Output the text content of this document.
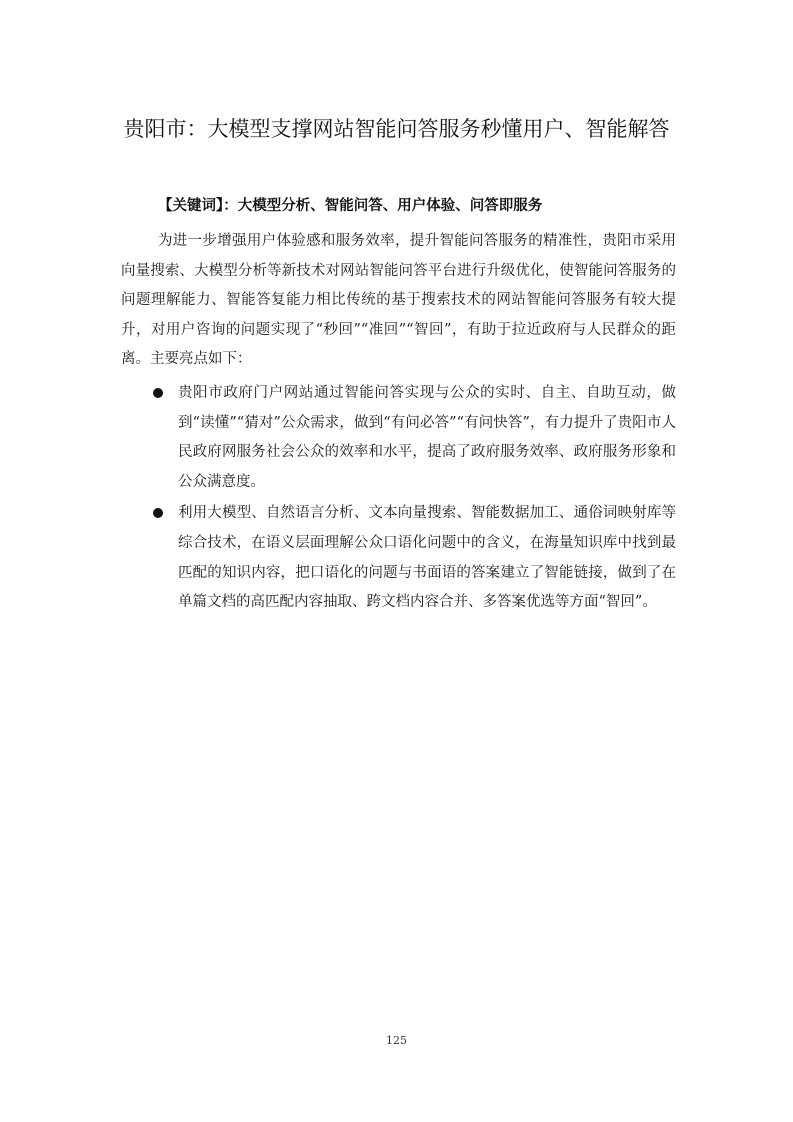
贵阳市：大模型支撑网站智能问答服务秒懂用户、智能解答
【关键词】：大模型分析、智能问答、用户体验、问答即服务

为进一步增强用户体验感和服务效率，提升智能问答服务的精准性，贵阳市采用向量搜索、大模型分析等新技术对网站智能问答平台进行升级优化，使智能问答服务的问题理解能力、智能答复能力相比传统的基于搜索技术的网站智能问答服务有较大提升，对用户咨询的问题实现了“秒回”“准回”“智回”，有助于拉近政府与人民群众的距离。主要亮点如下：

贵阳市政府门户网站通过智能问答实现与公众的实时、自主、自助互动，做到“读懂”“猜对”公众需求，做到“有问必答”“有问快答”，有力提升了贵阳市人民政府网服务社会公众的效率和水平，提高了政府服务效率、政府服务形象和公众满意度。
利用大模型、自然语言分析、文本向量搜索、智能数据加工、通俗词映射库等综合技术，在语义层面理解公众口语化问题中的含义，在海量知识库中找到最匹配的知识内容，把口语化的问题与书面语的答案建立了智能链接，做到了在单篇文档的高匹配内容抽取、跨文档内容合并、多答案优选等方面“智回”。
125
